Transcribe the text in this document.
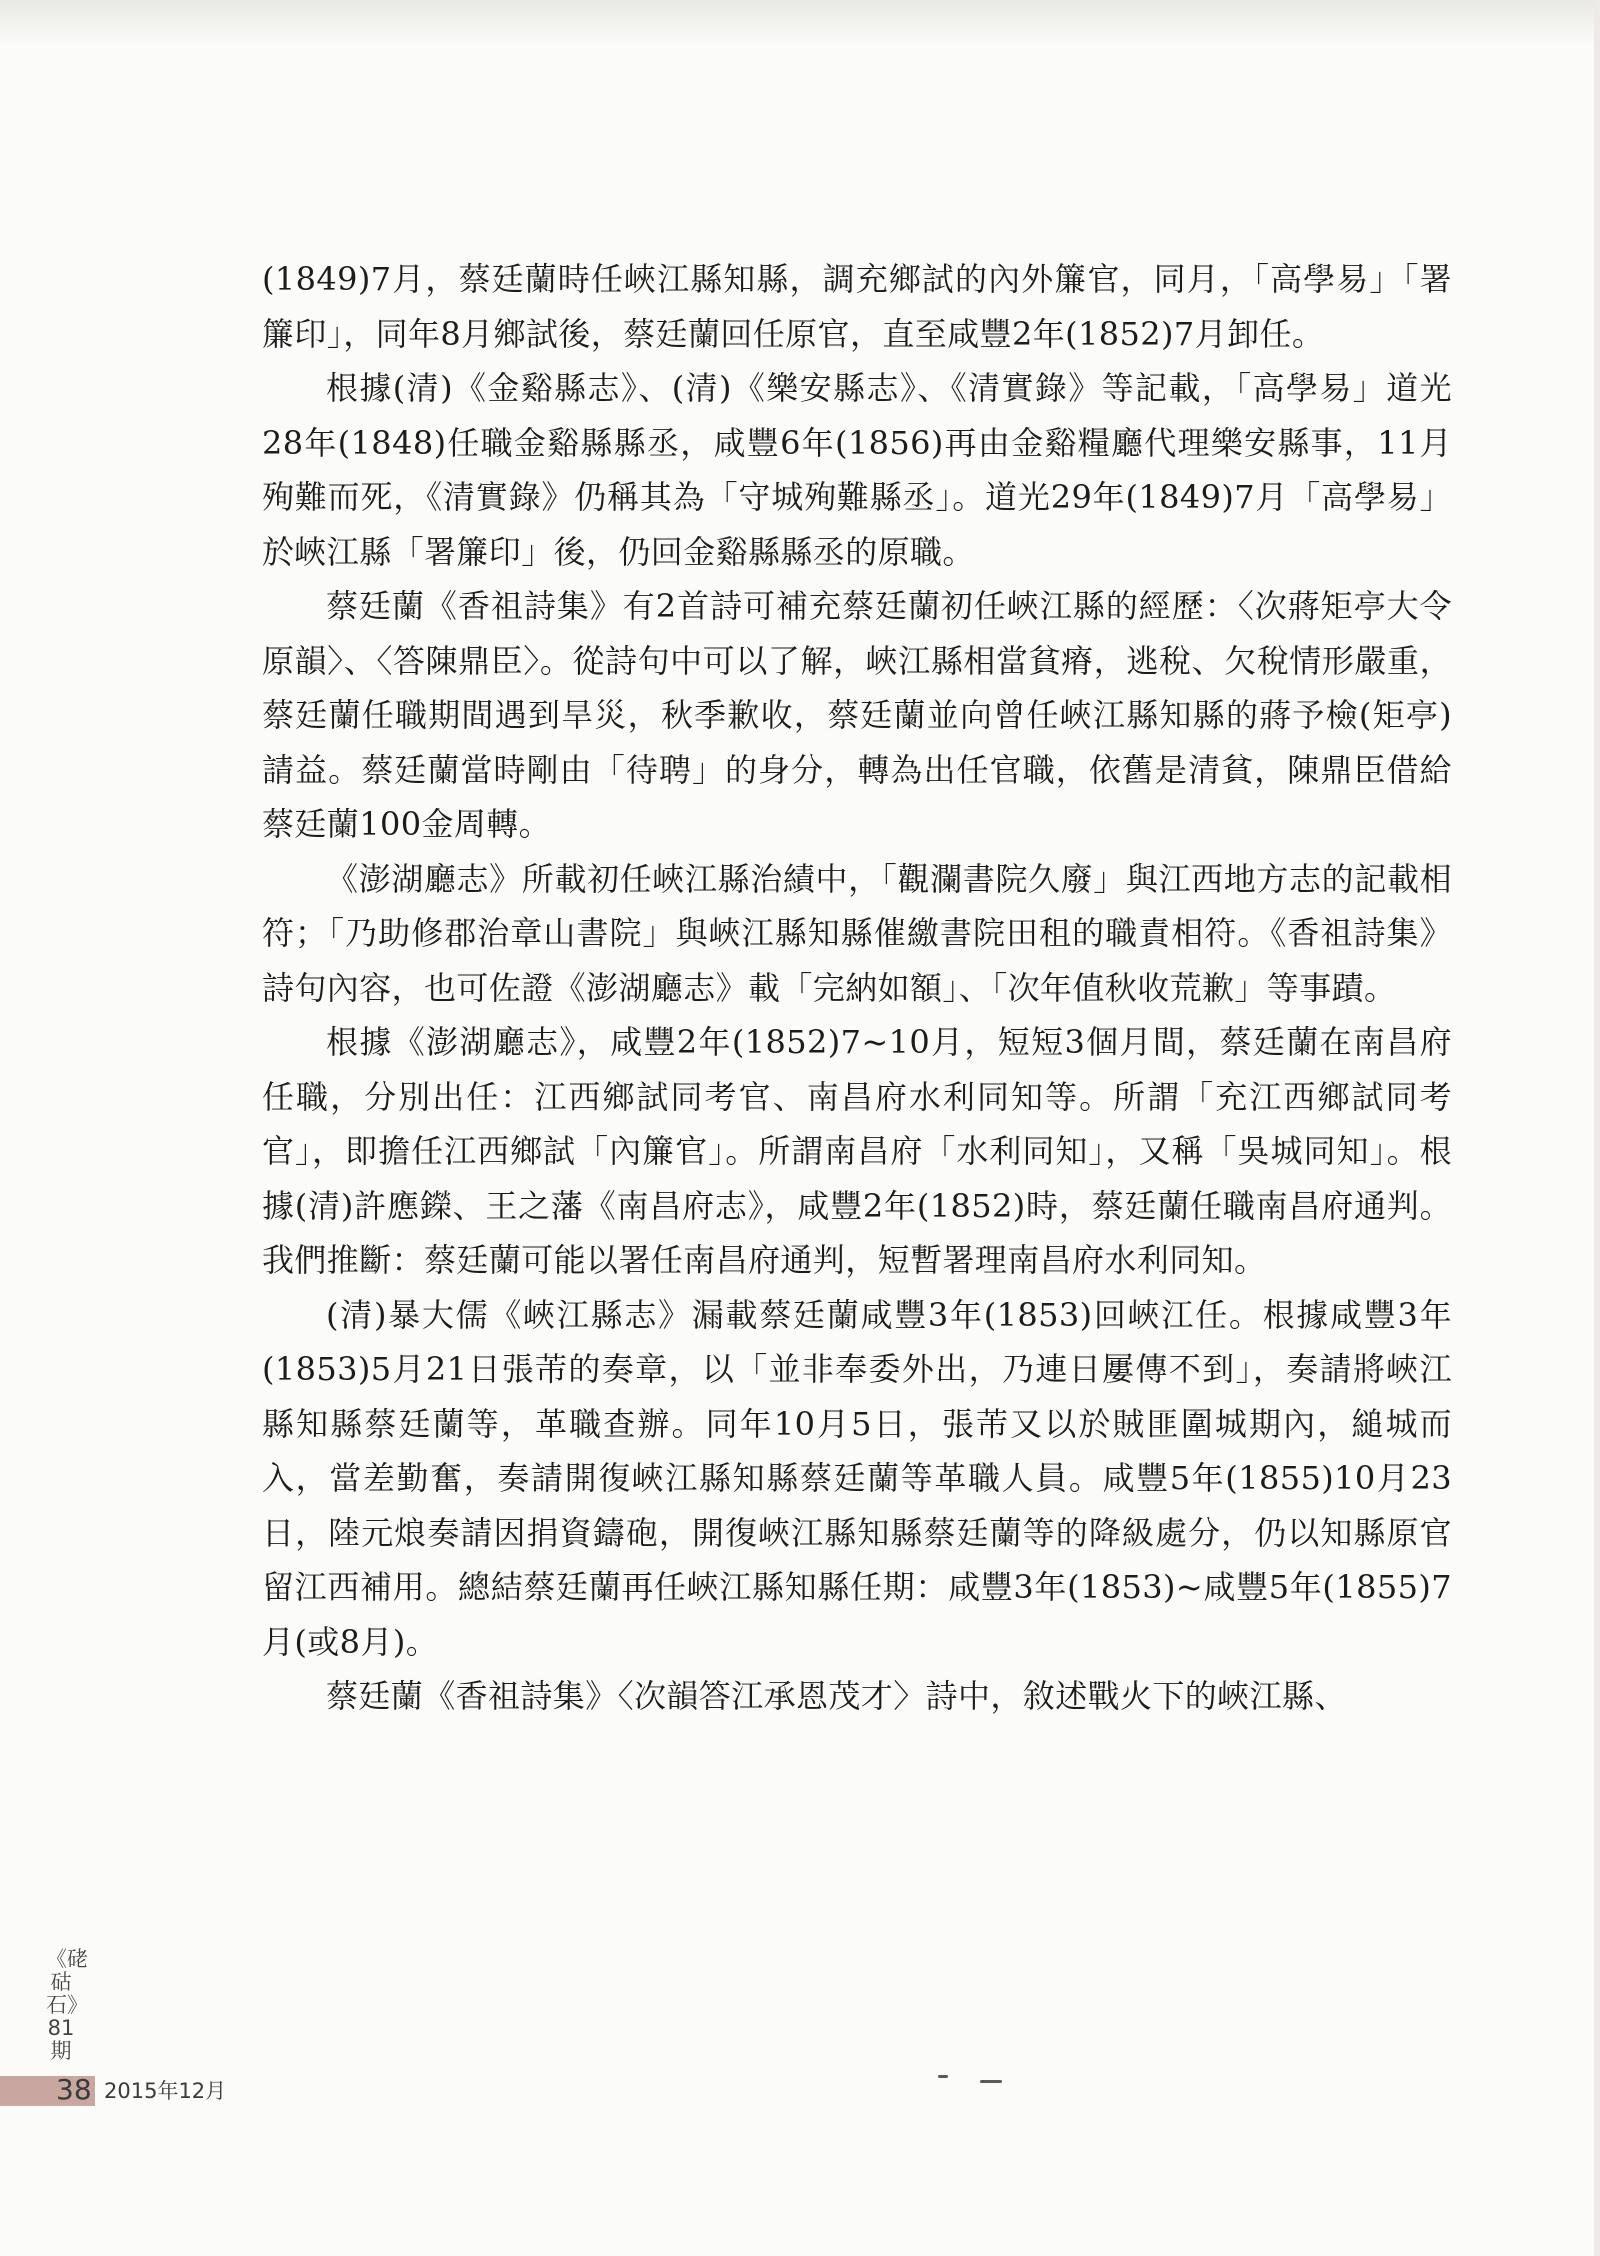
(1849)7月，蔡廷蘭時任峽江縣知縣，調充鄉試的內外簾官，同月，「高學易」「署簾印」，同年8月鄉試後，蔡廷蘭回任原官，直至咸豐2年(1852)7月卸任。

根據(清)《金谿縣志》、(清)《樂安縣志》、《清實錄》等記載，「高學易」道光28年(1848)任職金谿縣縣丞，咸豐6年(1856)再由金谿糧廳代理樂安縣事，11月殉難而死，《清實錄》仍稱其為「守城殉難縣丞」。道光29年(1849)7月「高學易」於峽江縣「署簾印」後，仍回金谿縣縣丞的原職。

蔡廷蘭《香祖詩集》有2首詩可補充蔡廷蘭初任峽江縣的經歷：〈次蔣矩亭大令原韻〉、〈答陳鼎臣〉。從詩句中可以了解，峽江縣相當貧瘠，逃稅、欠稅情形嚴重，蔡廷蘭任職期間遇到旱災，秋季歉收，蔡廷蘭並向曾任峽江縣知縣的蔣予檢(矩亭)請益。蔡廷蘭當時剛由「待聘」的身分，轉為出任官職，依舊是清貧，陳鼎臣借給蔡廷蘭100金周轉。

《澎湖廳志》所載初任峽江縣治績中，「觀瀾書院久廢」與江西地方志的記載相符；「乃助修郡治章山書院」與峽江縣知縣催繳書院田租的職責相符。《香祖詩集》詩句內容，也可佐證《澎湖廳志》載「完納如額」、「次年值秋收荒歉」等事蹟。

根據《澎湖廳志》，咸豐2年(1852)7~10月，短短3個月間，蔡廷蘭在南昌府任職，分別出任：江西鄉試同考官、南昌府水利同知等。所謂「充江西鄉試同考官」，即擔任江西鄉試「內簾官」。所謂南昌府「水利同知」，又稱「吳城同知」。根據(清)許應鑅、王之藩《南昌府志》，咸豐2年(1852)時，蔡廷蘭任職南昌府通判。我們推斷：蔡廷蘭可能以署任南昌府通判，短暫署理南昌府水利同知。

(清)暴大儒《峽江縣志》漏載蔡廷蘭咸豐3年(1853)回峽江任。根據咸豐3年(1853)5月21日張芾的奏章，以「並非奉委外出，乃連日屢傳不到」，奏請將峽江縣知縣蔡廷蘭等，革職查辦。同年10月5日，張芾又以於賊匪圍城期內，縋城而入，當差勤奮，奏請開復峽江縣知縣蔡廷蘭等革職人員。咸豐5年(1855)10月23日，陸元烺奏請因捐資鑄砲，開復峽江縣知縣蔡廷蘭等的降級處分，仍以知縣原官留江西補用。總結蔡廷蘭再任峽江縣知縣任期：咸豐3年(1853)~咸豐5年(1855)7月(或8月)。

蔡廷蘭《香祖詩集》〈次韻答江承恩茂才〉詩中，敘述戰火下的峽江縣、

《硓𥑮石》81期
38 2015年12月
